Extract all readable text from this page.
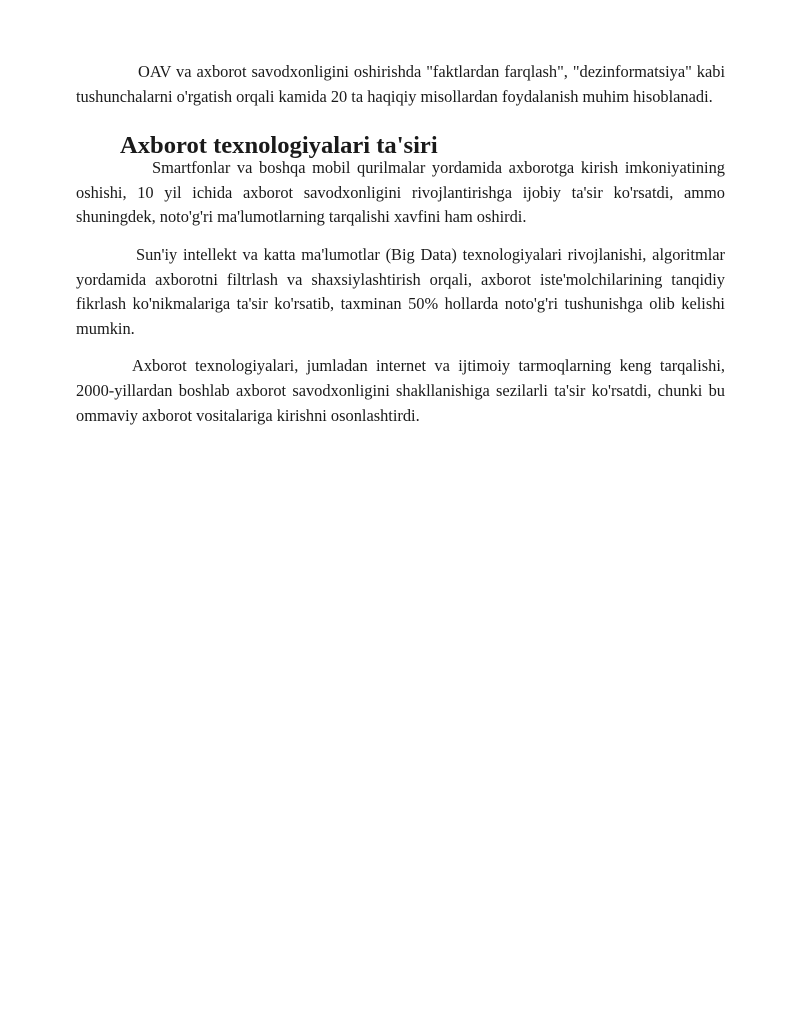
OAV va axborot savodxonligini oshirishda "faktlardan farqlash", "dezinformatsiya" kabi tushunchalarni o'rgatish orqali kamida 20 ta haqiqiy misollardan foydalanish muhim hisoblanadi.

Axborot texnologiyalari ta'siri

Smartfonlar va boshqa mobil qurilmalar yordamida axborotga kirish imkoniyatining oshishi, 10 yil ichida axborot savodxonligini rivojlantirishga ijobiy ta'sir ko'rsatdi, ammo shuningdek, noto'g'ri ma'lumotlarning tarqalishi xavfini ham oshirdi.

Sun'iy intellekt va katta ma'lumotlar (Big Data) texnologiyalari rivojlanishi, algoritmlar yordamida axborotni filtrlash va shaxsiylashtirish orqali, axborot iste'molchilarining tanqidiy fikrlash ko'nikmalariga ta'sir ko'rsatib, taxminan 50% hollarda noto'g'ri tushunishga olib kelishi mumkin.

Axborot texnologiyalari, jumladan internet va ijtimoiy tarmoqlarning keng tarqalishi, 2000-yillardan boshlab axborot savodxonligini shakllanishiga sezilarli ta'sir ko'rsatdi, chunki bu ommaviy axborot vositalariga kirishni osonlashtirdi.
